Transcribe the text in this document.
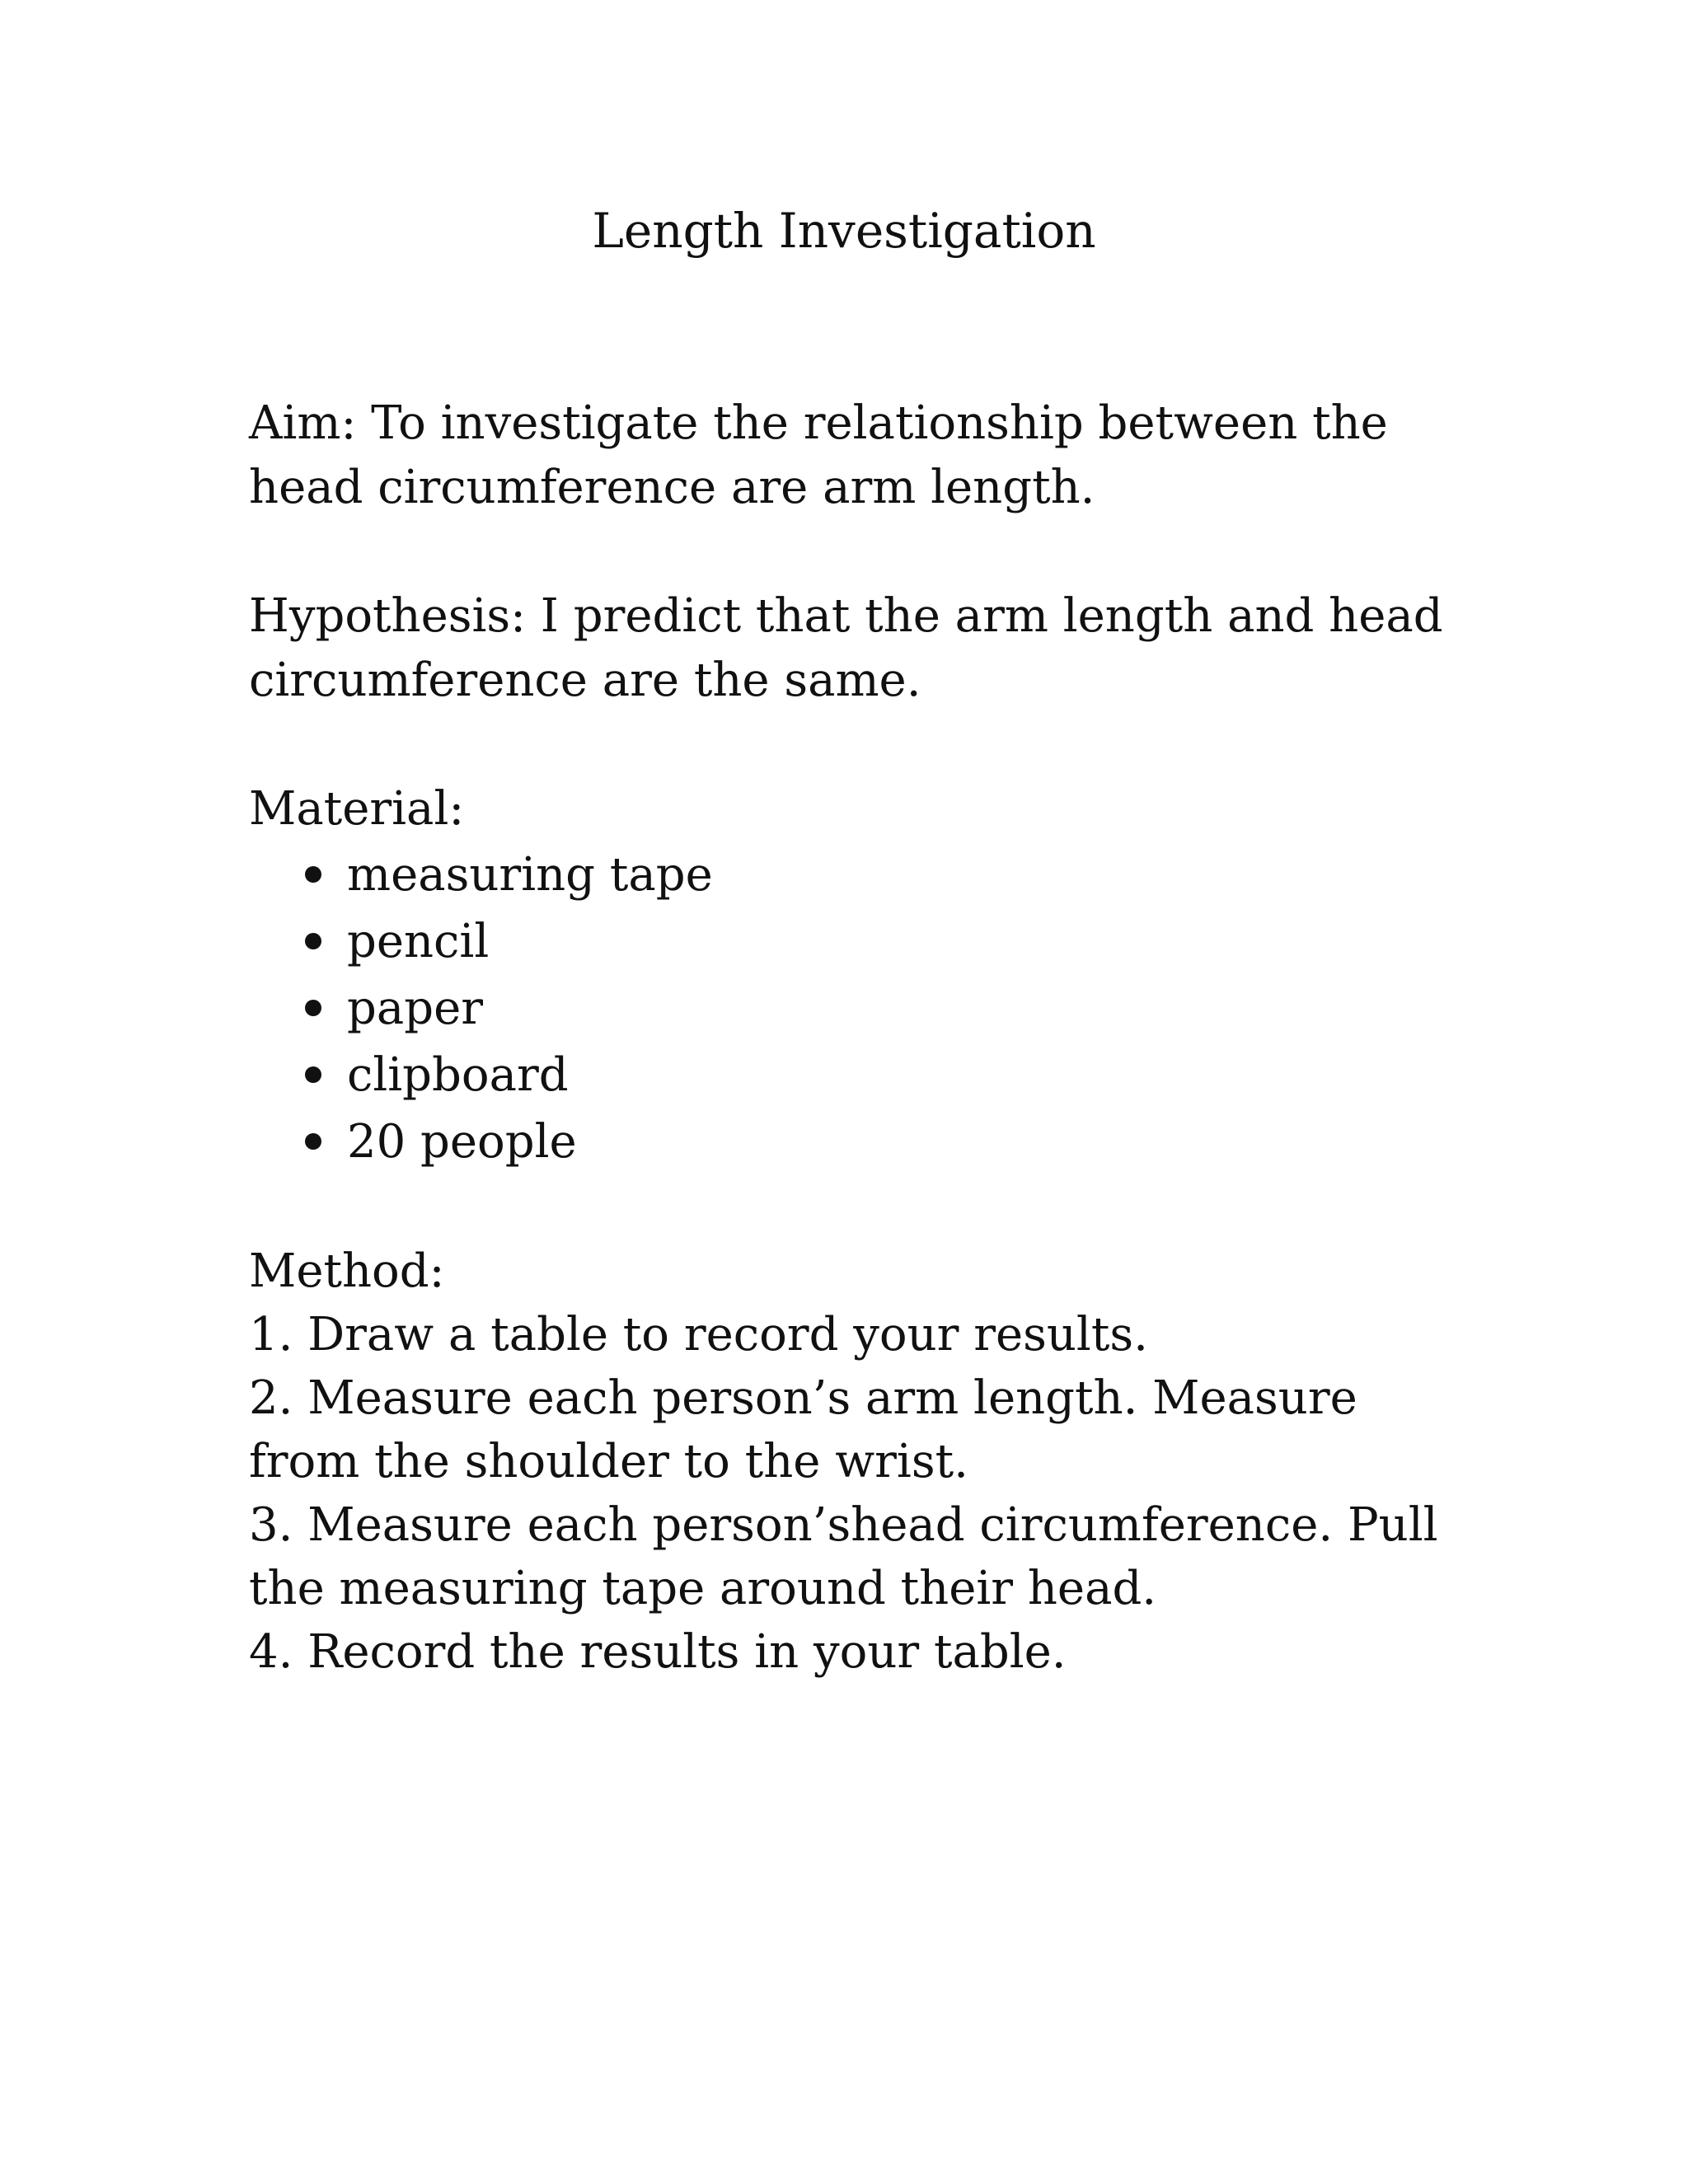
Length Investigation
Aim: To investigate the relationship between the
head circumference are arm length.
Hypothesis: I predict that the arm length and head
circumference are the same.
Material:
measuring tape
pencil
paper
clipboard
20 people
Method:
1. Draw a table to record your results.
2. Measure each person’s arm length. Measure
from the shoulder to the wrist.
3. Measure each person’shead circumference. Pull
the measuring tape around their head.
4. Record the results in your table.
